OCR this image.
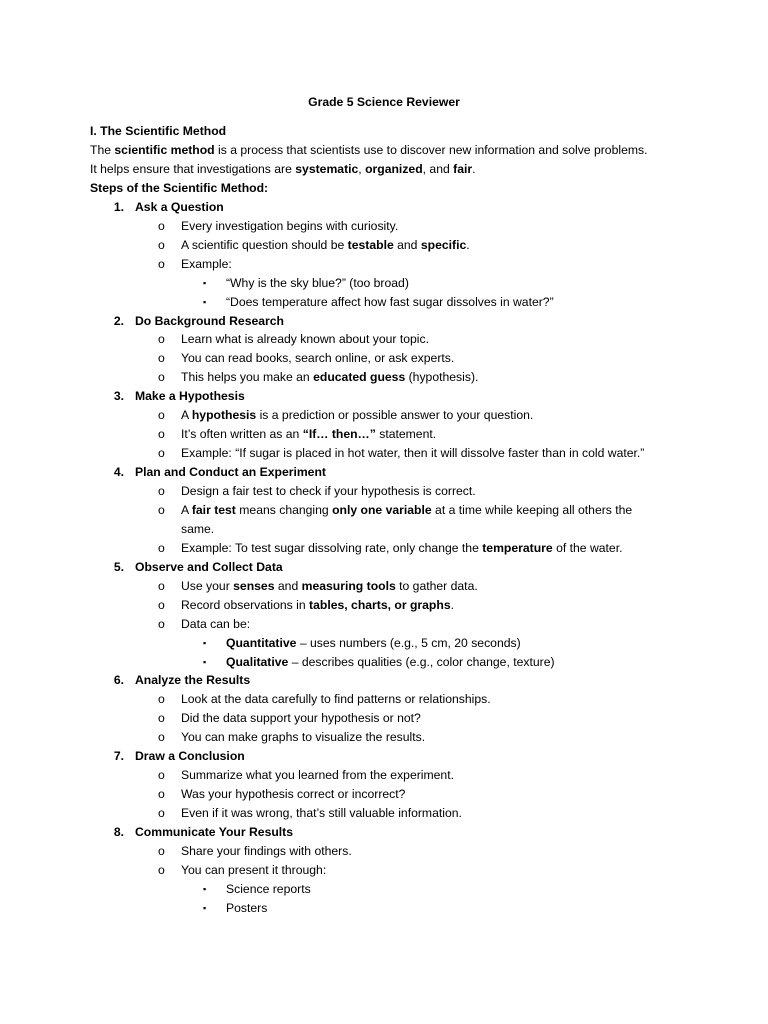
Grade 5 Science Reviewer
I. The Scientific Method
The scientific method is a process that scientists use to discover new information and solve problems.
It helps ensure that investigations are systematic, organized, and fair.
Steps of the Scientific Method:
1. Ask a Question
o Every investigation begins with curiosity.
o A scientific question should be testable and specific.
o Example:
▪ “Why is the sky blue?” (too broad)
▪ “Does temperature affect how fast sugar dissolves in water?”
2. Do Background Research
o Learn what is already known about your topic.
o You can read books, search online, or ask experts.
o This helps you make an educated guess (hypothesis).
3. Make a Hypothesis
o A hypothesis is a prediction or possible answer to your question.
o It’s often written as an “If… then…” statement.
o Example: “If sugar is placed in hot water, then it will dissolve faster than in cold water.”
4. Plan and Conduct an Experiment
o Design a fair test to check if your hypothesis is correct.
o A fair test means changing only one variable at a time while keeping all others the
same.
o Example: To test sugar dissolving rate, only change the temperature of the water.
5. Observe and Collect Data
o Use your senses and measuring tools to gather data.
o Record observations in tables, charts, or graphs.
o Data can be:
▪ Quantitative – uses numbers (e.g., 5 cm, 20 seconds)
▪ Qualitative – describes qualities (e.g., color change, texture)
6. Analyze the Results
o Look at the data carefully to find patterns or relationships.
o Did the data support your hypothesis or not?
o You can make graphs to visualize the results.
7. Draw a Conclusion
o Summarize what you learned from the experiment.
o Was your hypothesis correct or incorrect?
o Even if it was wrong, that’s still valuable information.
8. Communicate Your Results
o Share your findings with others.
o You can present it through:
▪ Science reports
▪ Posters
